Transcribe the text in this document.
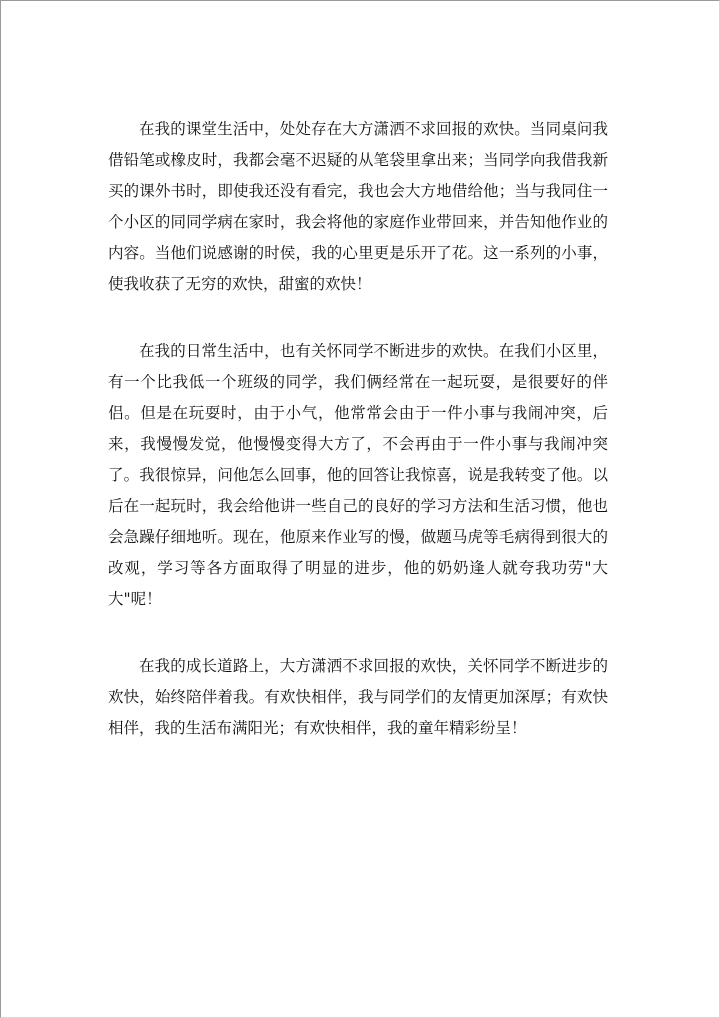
在我的课堂生活中，处处存在大方潇洒不求回报的欢快。当同桌问我借铅笔或橡皮时，我都会毫不迟疑的从笔袋里拿出来；当同学向我借我新买的课外书时，即使我还没有看完，我也会大方地借给他；当与我同住一个小区的同同学病在家时，我会将他的家庭作业带回来，并告知他作业的内容。当他们说感谢的时侯，我的心里更是乐开了花。这一系列的小事，使我收获了无穷的欢快，甜蜜的欢快！

在我的日常生活中，也有关怀同学不断进步的欢快。在我们小区里，有一个比我低一个班级的同学，我们俩经常在一起玩耍，是很要好的伴侣。但是在玩耍时，由于小气，他常常会由于一件小事与我闹冲突，后来，我慢慢发觉，他慢慢变得大方了，不会再由于一件小事与我闹冲突了。我很惊异，问他怎么回事，他的回答让我惊喜，说是我转变了他。以后在一起玩时，我会给他讲一些自己的良好的学习方法和生活习惯，他也会急躁仔细地听。现在，他原来作业写的慢，做题马虎等毛病得到很大的改观，学习等各方面取得了明显的进步，他的奶奶逢人就夸我功劳"大大"呢！

在我的成长道路上，大方潇洒不求回报的欢快，关怀同学不断进步的欢快，始终陪伴着我。有欢快相伴，我与同学们的友情更加深厚；有欢快相伴，我的生活布满阳光；有欢快相伴，我的童年精彩纷呈！
